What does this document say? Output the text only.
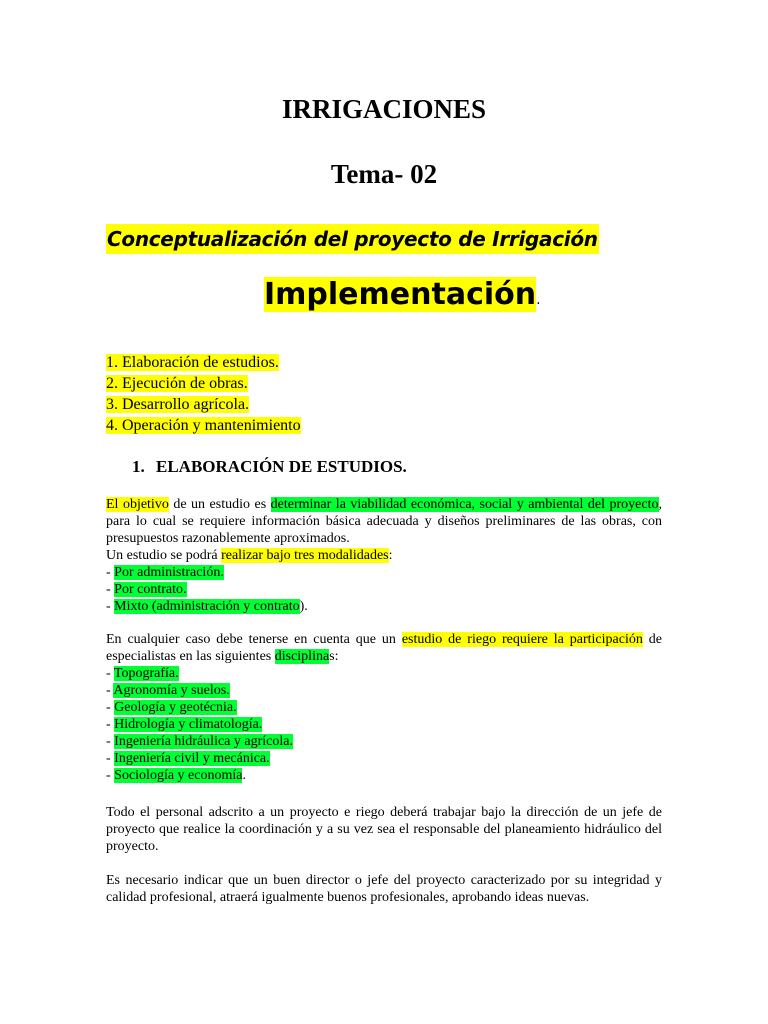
IRRIGACIONES
Tema- 02
Conceptualización del proyecto de Irrigación
Implementación.
1. Elaboración de estudios.
2. Ejecución de obras.
3. Desarrollo agrícola.
4. Operación y mantenimiento
1. ELABORACIÓN DE ESTUDIOS.
El objetivo de un estudio es determinar la viabilidad económica, social y ambiental del proyecto, para lo cual se requiere información básica adecuada y diseños preliminares de las obras, con presupuestos razonablemente aproximados.
Un estudio se podrá realizar bajo tres modalidades:
- Por administración.
- Por contrato.
- Mixto (administración y contrato).
En cualquier caso debe tenerse en cuenta que un estudio de riego requiere la participación de especialistas en las siguientes disciplinas:
- Topografía.
- Agronomía y suelos.
- Geología y geotécnia.
- Hidrología y climatología.
- Ingeniería hidráulica y agrícola.
- Ingeniería civil y mecánica.
- Sociología y economía.
Todo el personal adscrito a un proyecto e riego deberá trabajar bajo la dirección de un jefe de proyecto que realice la coordinación y a su vez sea el responsable del planeamiento hidráulico del proyecto.
Es necesario indicar que un buen director o jefe del proyecto caracterizado por su integridad y calidad profesional, atraerá igualmente buenos profesionales, aprobando ideas nuevas.
